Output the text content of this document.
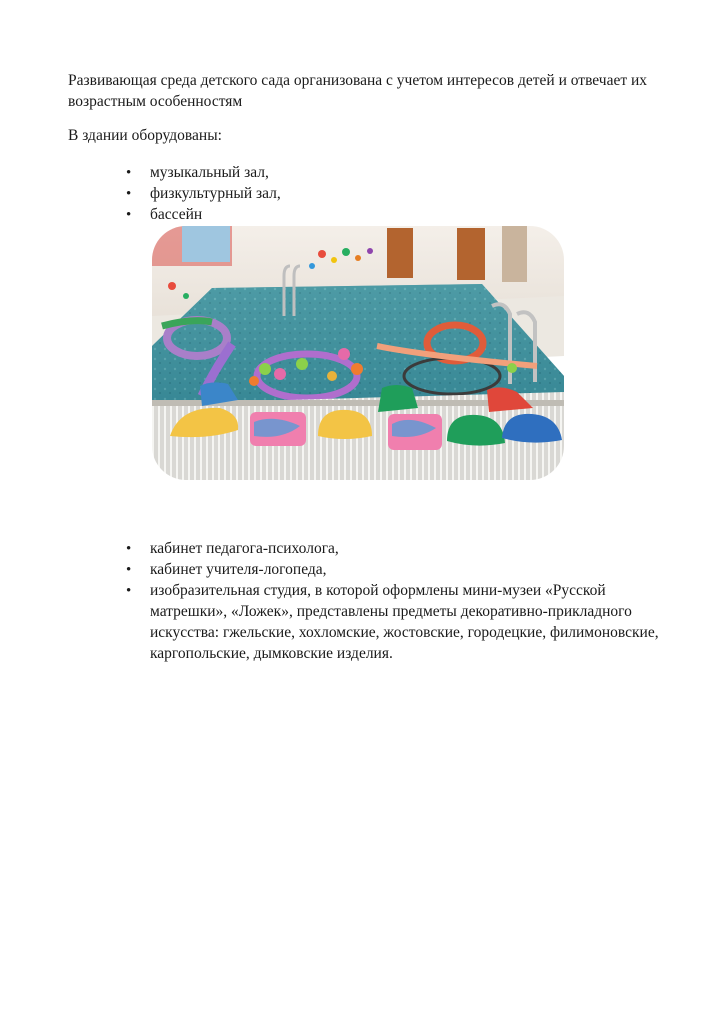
Развивающая среда детского сада организована с учетом интересов детей и отвечает их возрастным особенностям

В здании оборудованы:

•
музыкальный зал,
•
физкультурный зал,
•
бассейн
•
кабинет педагога-психолога,
•
кабинет учителя-логопеда,
•
изобразительная студия, в которой оформлены мини-музеи «Русской матрешки», «Ложек», представлены предметы декоративно-прикладного искусства: гжельские, хохломские, жостовские, городецкие, филимоновские, каргопольские, дымковские изделия.
